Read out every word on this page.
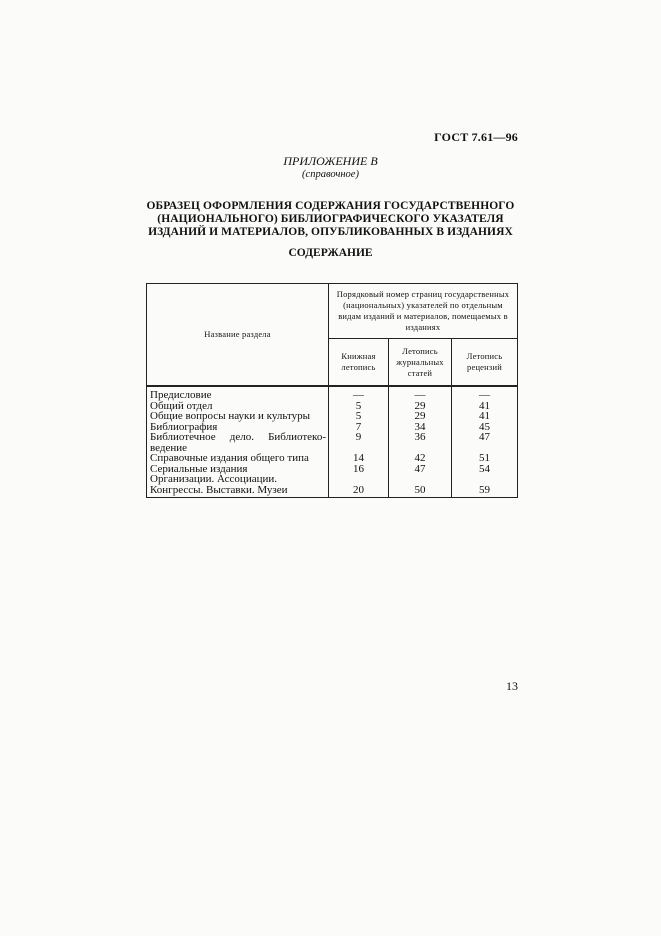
ГОСТ 7.61—96
ПРИЛОЖЕНИЕ В
(справочное)
ОБРАЗЕЦ ОФОРМЛЕНИЯ СОДЕРЖАНИЯ ГОСУДАРСТВЕННОГО
(НАЦИОНАЛЬНОГО) БИБЛИОГРАФИЧЕСКОГО УКАЗАТЕЛЯ
ИЗДАНИЙ И МАТЕРИАЛОВ, ОПУБЛИКОВАННЫХ В ИЗДАНИЯХ
СОДЕРЖАНИЕ
Название раздела	Порядковый номер страниц государственных (национальных) указателей по отдельным видам изданий и материалов, помещаемых в изданиях		
	Книжная летопись	Летопись журнальных статей	Летопись рецензий
Предисловие	—	—	—
Общий отдел	5	29	41
Общие вопросы науки и культуры	5	29	41
Библиография	7	34	45

Библиотечное дело. Библиотеко-
ведение	9	36	47
Справочные издания общего типа	14	42	51
Сериальные издания	16	47	54
Организации. Ассоциации.			
Конгрессы. Выставки. Музеи	20	50	59
13
